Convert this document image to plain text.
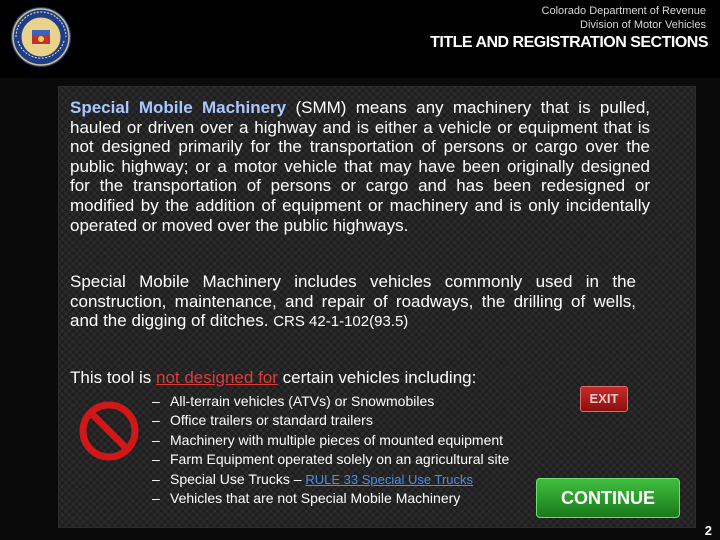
Colorado Department of Revenue
Division of Motor Vehicles
TITLE AND REGISTRATION SECTIONS

Special Mobile Machinery (SMM) means any machinery that is pulled, hauled or driven over a highway and is either a vehicle or equipment that is not designed primarily for the transportation of persons or cargo over the public highway; or a motor vehicle that may have been originally designed for the transportation of persons or cargo and has been redesigned or modified by the addition of equipment or machinery and is only incidentally operated or moved over the public highways.

Special Mobile Machinery includes vehicles commonly used in the construction, maintenance, and repair of roadways, the drilling of wells, and the digging of ditches. CRS 42-1-102(93.5)

This tool is not designed for certain vehicles including:

– All-terrain vehicles (ATVs) or Snowmobiles
– Office trailers or standard trailers
– Machinery with multiple pieces of mounted equipment
– Farm Equipment operated solely on an agricultural site
– Special Use Trucks – RULE 33 Special Use Trucks
– Vehicles that are not Special Mobile Machinery
EXIT
CONTINUE
2
